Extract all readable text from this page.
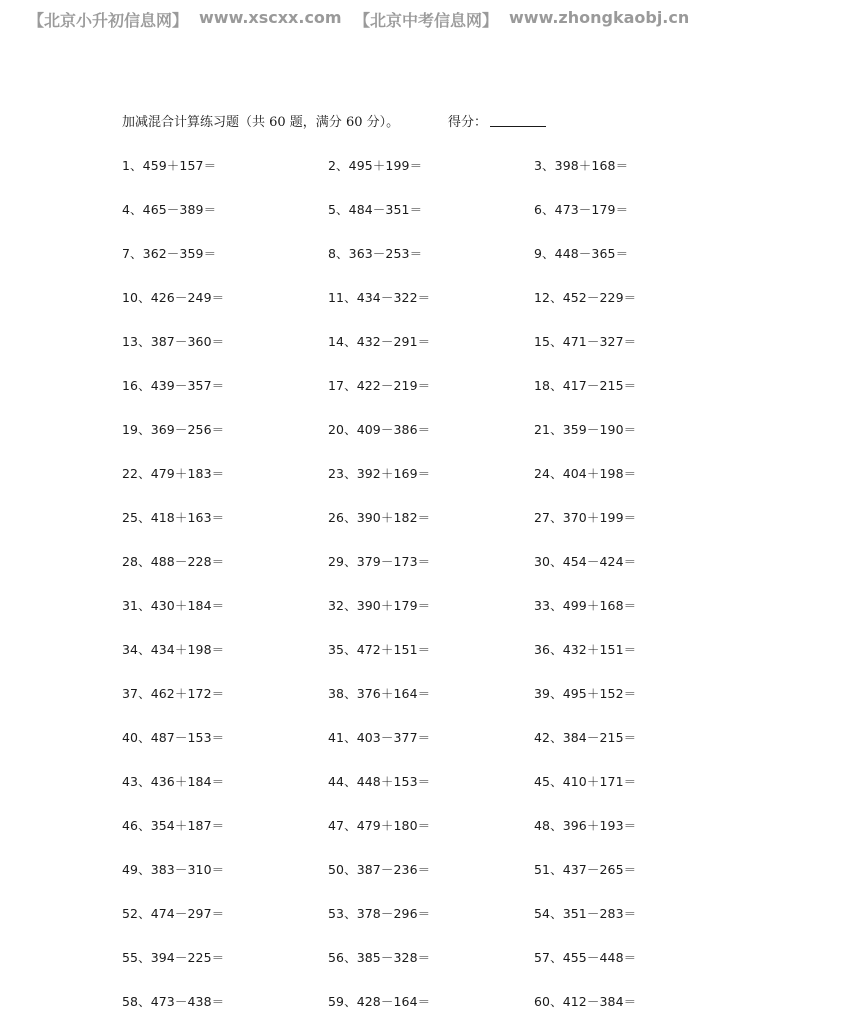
【北京小升初信息网】 www.xscxx.com 【北京中考信息网】 www.zhongkaobj.cn
加减混合计算练习题（共 60 题，满分 60 分）。	得分：
1、459＋157＝	2、495＋199＝	3、398＋168＝
4、465－389＝	5、484－351＝	6、473－179＝
7、362－359＝	8、363－253＝	9、448－365＝
10、426－249＝	11、434－322＝	12、452－229＝
13、387－360＝	14、432－291＝	15、471－327＝
16、439－357＝	17、422－219＝	18、417－215＝
19、369－256＝	20、409－386＝	21、359－190＝
22、479＋183＝	23、392＋169＝	24、404＋198＝
25、418＋163＝	26、390＋182＝	27、370＋199＝
28、488－228＝	29、379－173＝	30、454－424＝
31、430＋184＝	32、390＋179＝	33、499＋168＝
34、434＋198＝	35、472＋151＝	36、432＋151＝
37、462＋172＝	38、376＋164＝	39、495＋152＝
40、487－153＝	41、403－377＝	42、384－215＝
43、436＋184＝	44、448＋153＝	45、410＋171＝
46、354＋187＝	47、479＋180＝	48、396＋193＝
49、383－310＝	50、387－236＝	51、437－265＝
52、474－297＝	53、378－296＝	54、351－283＝
55、394－225＝	56、385－328＝	57、455－448＝
58、473－438＝	59、428－164＝	60、412－384＝
